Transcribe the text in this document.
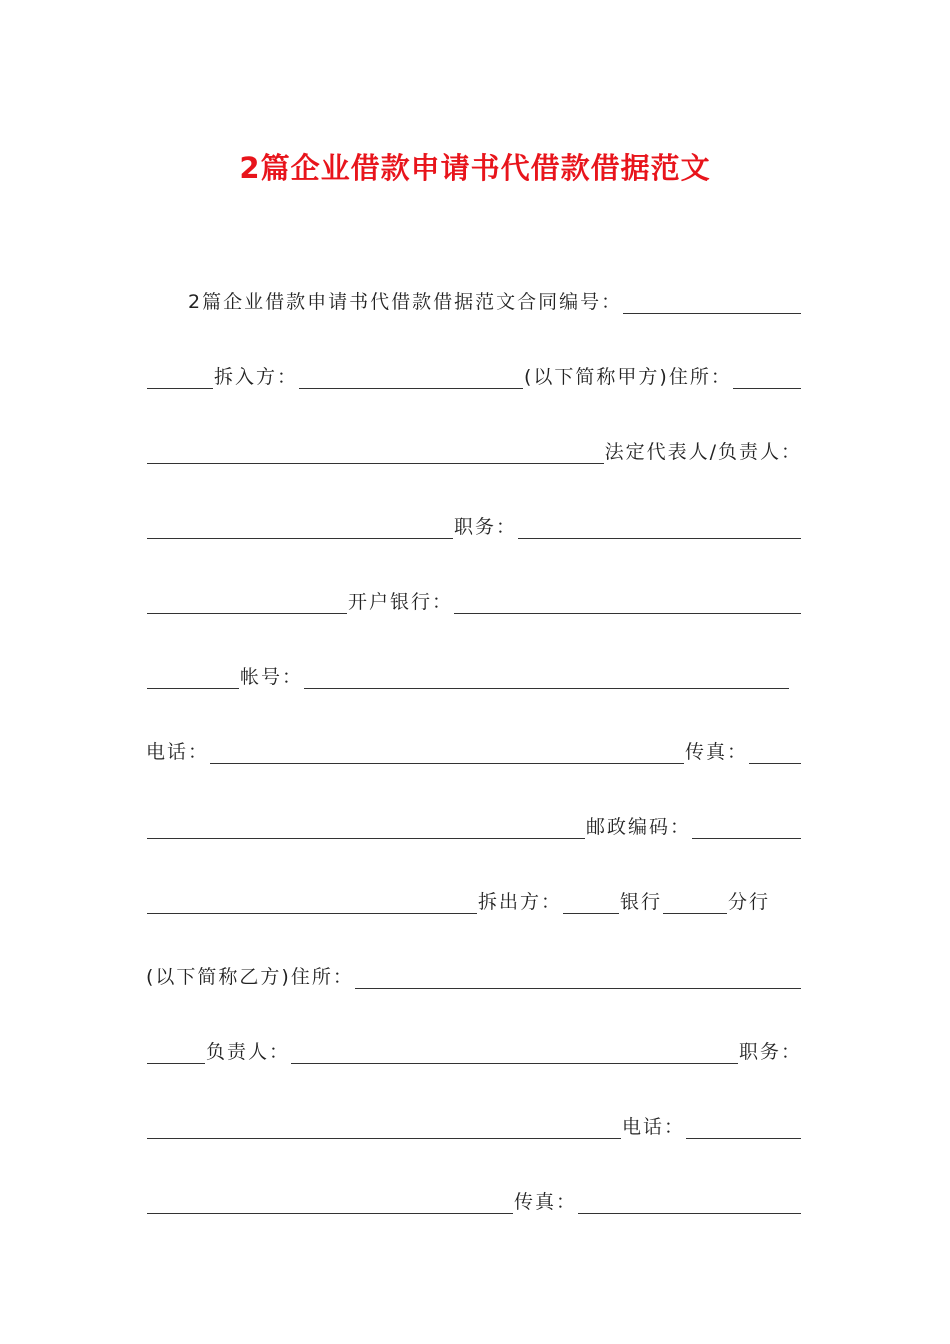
2篇企业借款申请书代借款借据范文
2篇企业借款申请书代借款借据范文合同编号：
拆入方：	(以下简称甲方)住所：
法定代表人/负责人：
职务：
开户银行：
帐号：
电话：	传真：
邮政编码：
拆出方：	银行	分行
(以下简称乙方)住所：
负责人：	职务：
电话：
传真：
